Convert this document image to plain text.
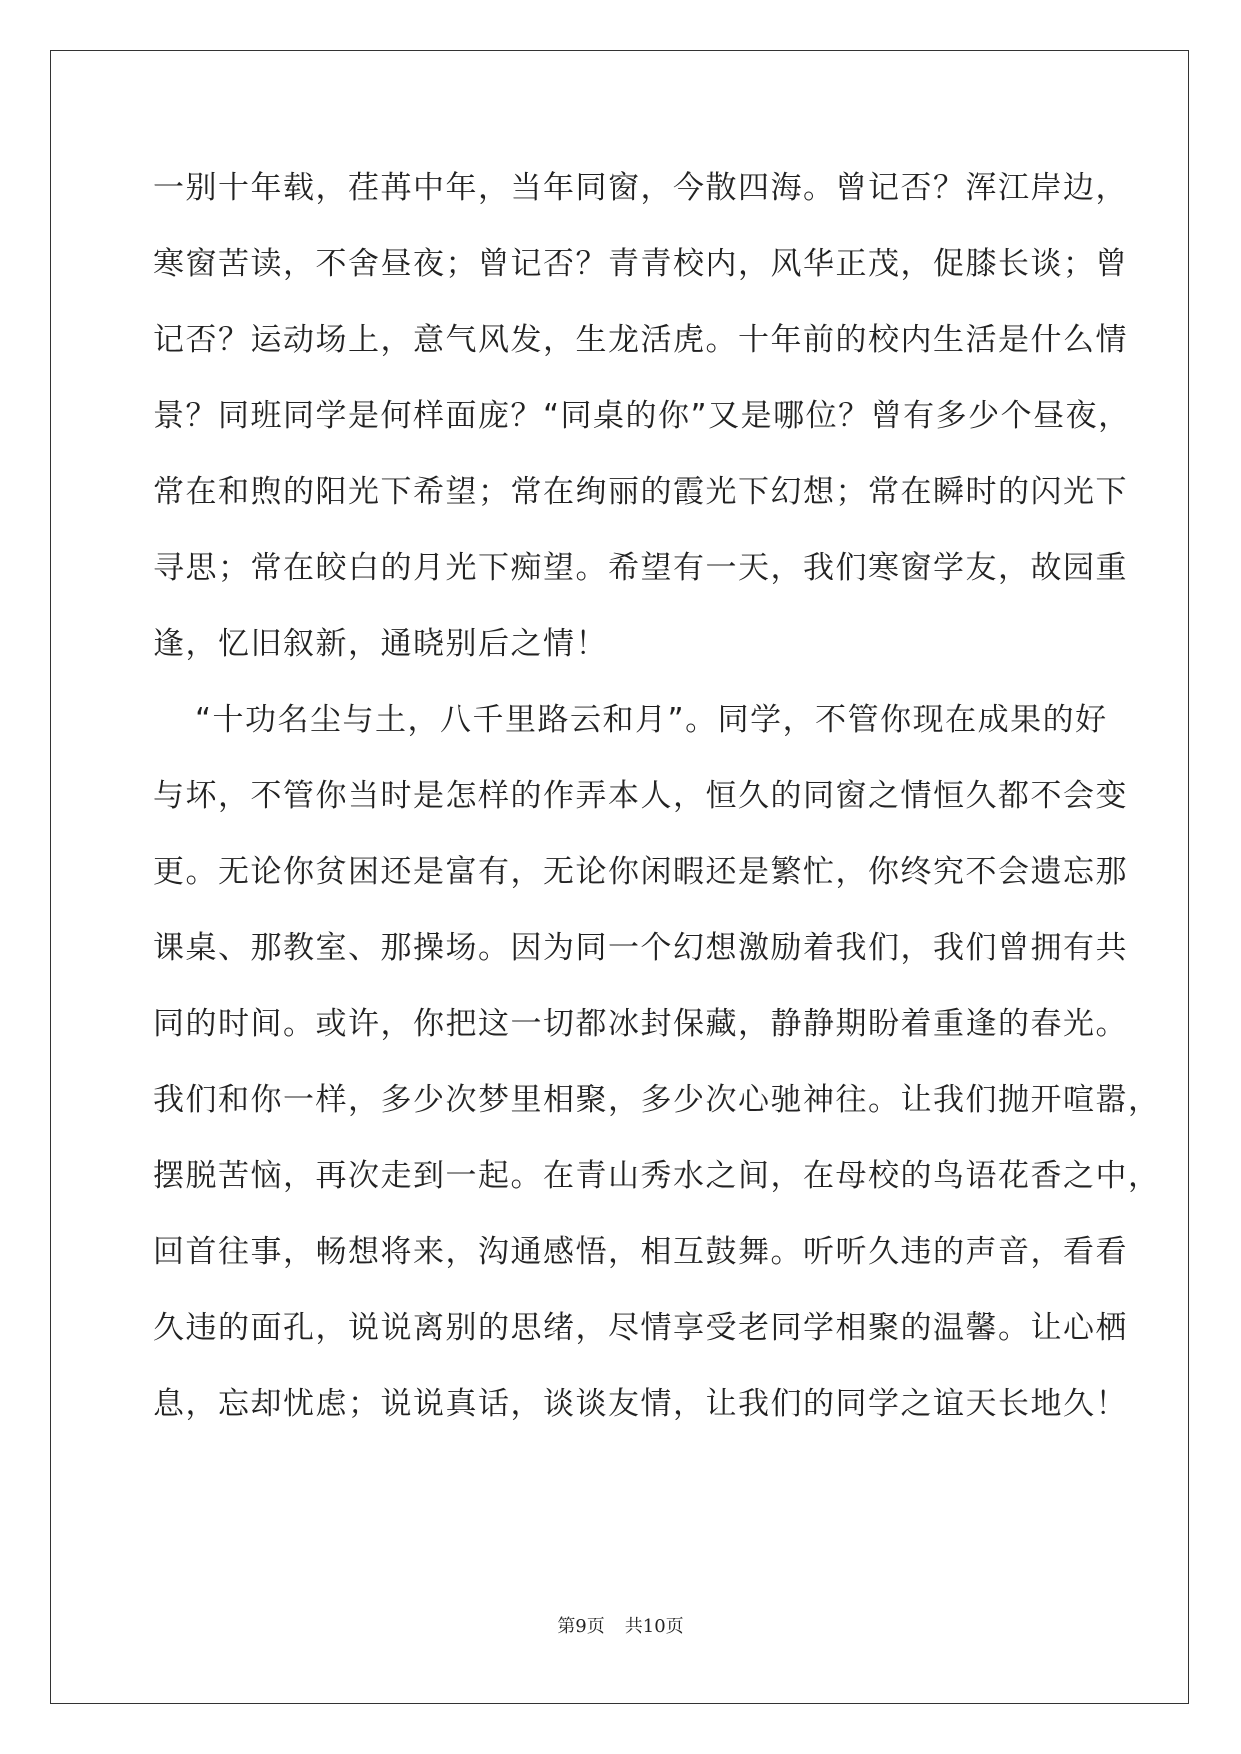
一别十年载，荏苒中年，当年同窗，今散四海。曾记否？浑江岸边，
寒窗苦读，不舍昼夜；曾记否？青青校内，风华正茂，促膝长谈；曾
记否？运动场上，意气风发，生龙活虎。十年前的校内生活是什么情
景？同班同学是何样面庞？“同桌的你”又是哪位？曾有多少个昼夜，
常在和煦的阳光下希望；常在绚丽的霞光下幻想；常在瞬时的闪光下
寻思；常在皎白的月光下痴望。希望有一天，我们寒窗学友，故园重
逢，忆旧叙新，通晓别后之情！
“十功名尘与土，八千里路云和月”。同学，不管你现在成果的好
与坏，不管你当时是怎样的作弄本人，恒久的同窗之情恒久都不会变
更。无论你贫困还是富有，无论你闲暇还是繁忙，你终究不会遗忘那
课桌、那教室、那操场。因为同一个幻想激励着我们，我们曾拥有共
同的时间。或许，你把这一切都冰封保藏，静静期盼着重逢的春光。
我们和你一样，多少次梦里相聚，多少次心驰神往。让我们抛开喧嚣，
摆脱苦恼，再次走到一起。在青山秀水之间，在母校的鸟语花香之中，
回首往事，畅想将来，沟通感悟，相互鼓舞。听听久违的声音，看看
久违的面孔，说说离别的思绪，尽情享受老同学相聚的温馨。让心栖
息，忘却忧虑；说说真话，谈谈友情，让我们的同学之谊天长地久！
第9页 共10页
